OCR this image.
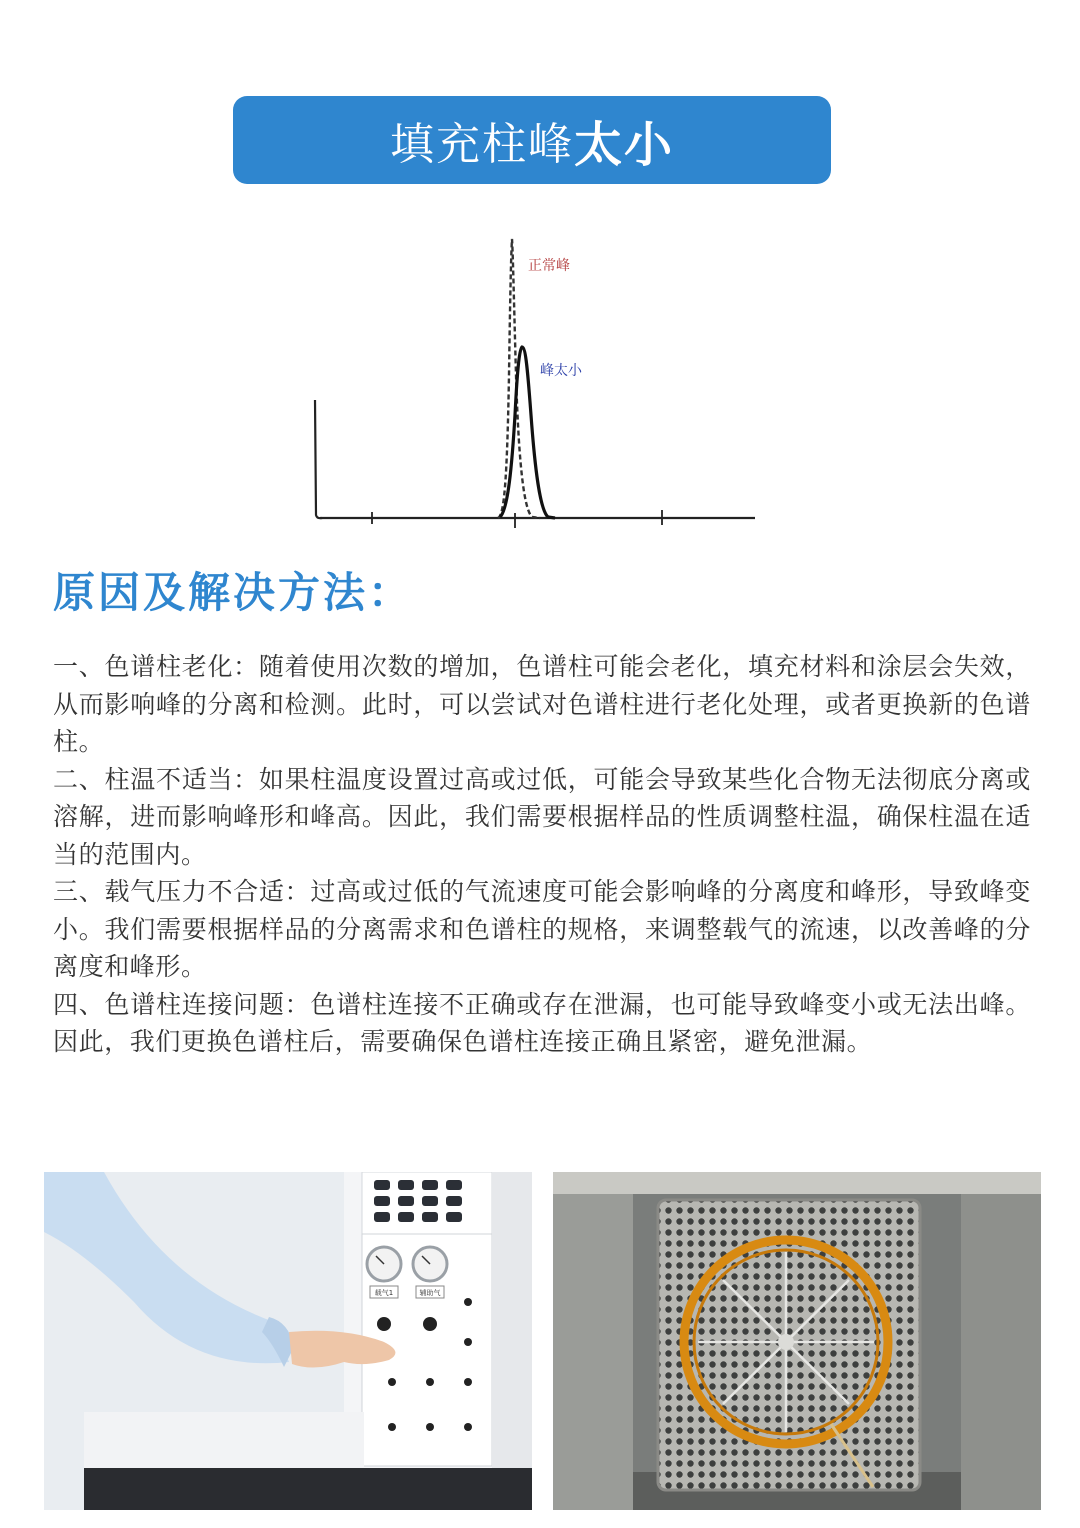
填充柱峰 太小
正常峰
峰太小
原因及解决方法：

一、色谱柱老化：随着使用次数的增加，色谱柱可能会老化，填充材料和涂层会失效，从而影响峰的分离和检测。此时，可以尝试对色谱柱进行老化处理，或者更换新的色谱柱。

二、柱温不适当：如果柱温度设置过高或过低，可能会导致某些化合物无法彻底分离或溶解，进而影响峰形和峰高。因此，我们需要根据样品的性质调整柱温，确保柱温在适当的范围内。

三、载气压力不合适：过高或过低的气流速度可能会影响峰的分离度和峰形，导致峰变小。我们需要根据样品的分离需求和色谱柱的规格，来调整载气的流速，以改善峰的分离度和峰形。

四、色谱柱连接问题：色谱柱连接不正确或存在泄漏，也可能导致峰变小或无法出峰。因此，我们更换色谱柱后，需要确保色谱柱连接正确且紧密，避免泄漏。

载气1	辅助气
